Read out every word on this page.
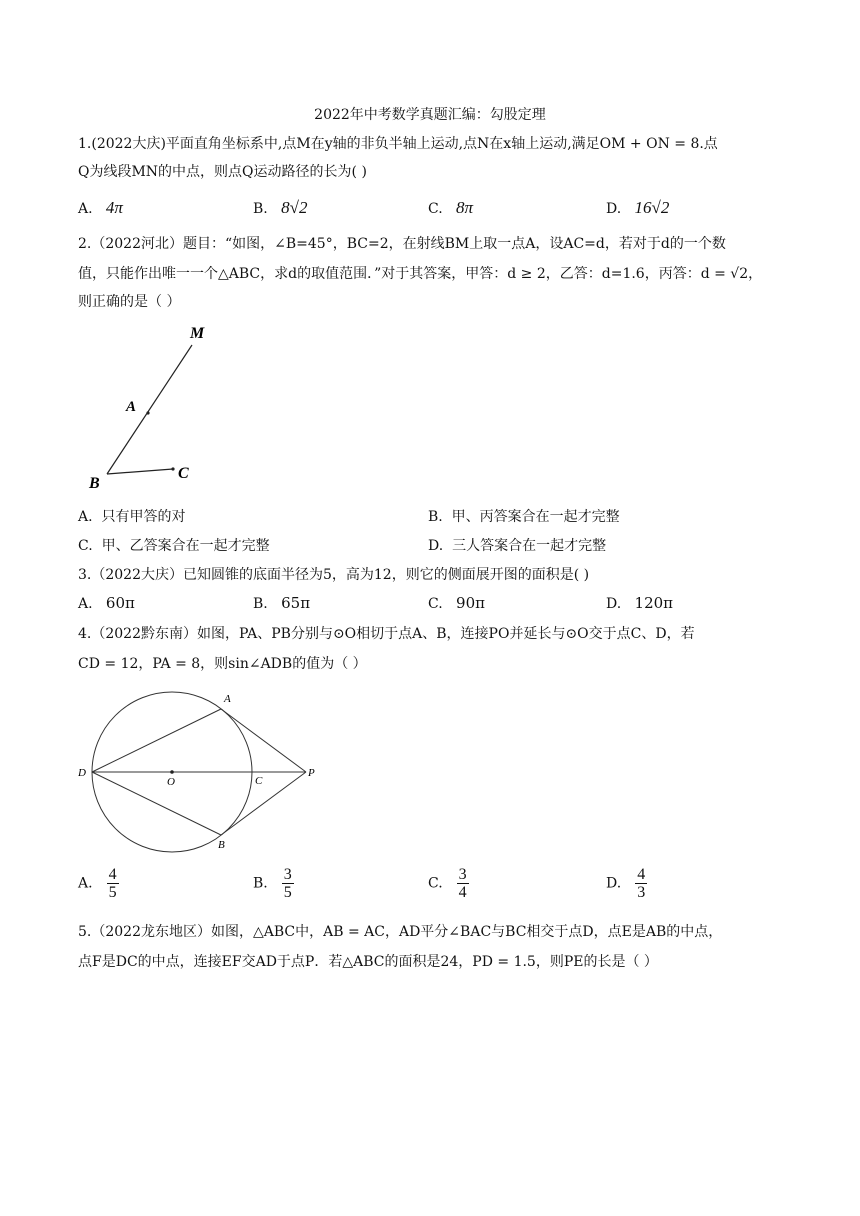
2022年中考数学真题汇编：勾股定理
1.(2022大庆)平面直角坐标系中,点M在y轴的非负半轴上运动,点N在x轴上运动,满足OM + ON = 8.点
Q为线段MN的中点，则点Q运动路径的长为( )
A. 4π	B. 8√2	C. 8π	D. 16√2
2.（2022河北）题目：“如图，∠B=45°，BC=2，在射线BM上取一点A，设AC=d，若对于d的一个数
值，只能作出唯一一个△ABC，求d的取值范围．”对于其答案，甲答：d ≥ 2，乙答：d=1.6，丙答：d = √2，
则正确的是（ ）
M
A
B
C
A. 只有甲答的对	B. 甲、丙答案合在一起才完整
C. 甲、乙答案合在一起才完整	D. 三人答案合在一起才完整
3.（2022大庆）已知圆锥的底面半径为5，高为12，则它的侧面展开图的面积是( )
A. 60π	B. 65π	C. 90π	D. 120π
4.（2022黔东南）如图，PA、PB分别与⊙O相切于点A、B，连接PO并延长与⊙O交于点C、D，若
CD = 12，PA = 8，则sin∠ADB的值为（ ）
A
B
C
D
O
P
A. $\frac{4}{5}$	B. $\frac{3}{5}$	C. $\frac{3}{4}$	D. $\frac{4}{3}$
5.（2022龙东地区）如图，△ABC中，AB = AC，AD平分∠BAC与BC相交于点D，点E是AB的中点，
点F是DC的中点，连接EF交AD于点P．若△ABC的面积是24，PD = 1.5，则PE的长是（ ）
